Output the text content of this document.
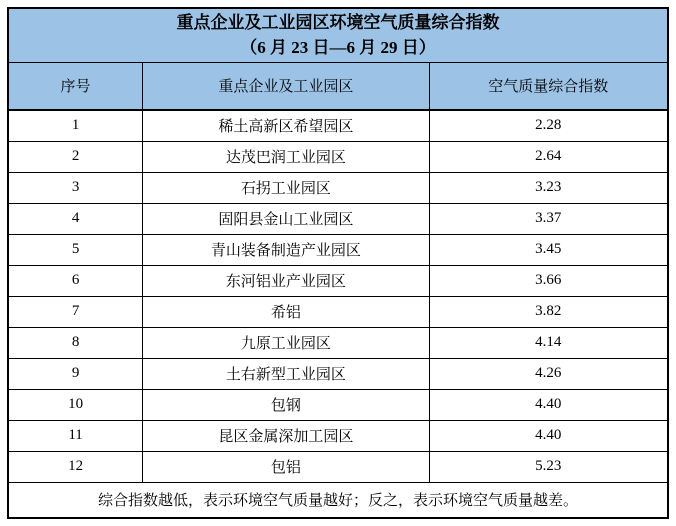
重点企业及工业园区环境空气质量综合指数
（6 月 23 日—6 月 29 日）		

序号	重点企业及工业园区	空气质量综合指数
1	稀土高新区希望园区	2.28
2	达茂巴润工业园区	2.64
3	石拐工业园区	3.23
4	固阳县金山工业园区	3.37
5	青山装备制造产业园区	3.45
6	东河铝业产业园区	3.66
7	希铝	3.82
8	九原工业园区	4.14
9	土右新型工业园区	4.26
10	包钢	4.40
11	昆区金属深加工园区	4.40
12	包铝	5.23
综合指数越低，表示环境空气质量越好；反之，表示环境空气质量越差。		
